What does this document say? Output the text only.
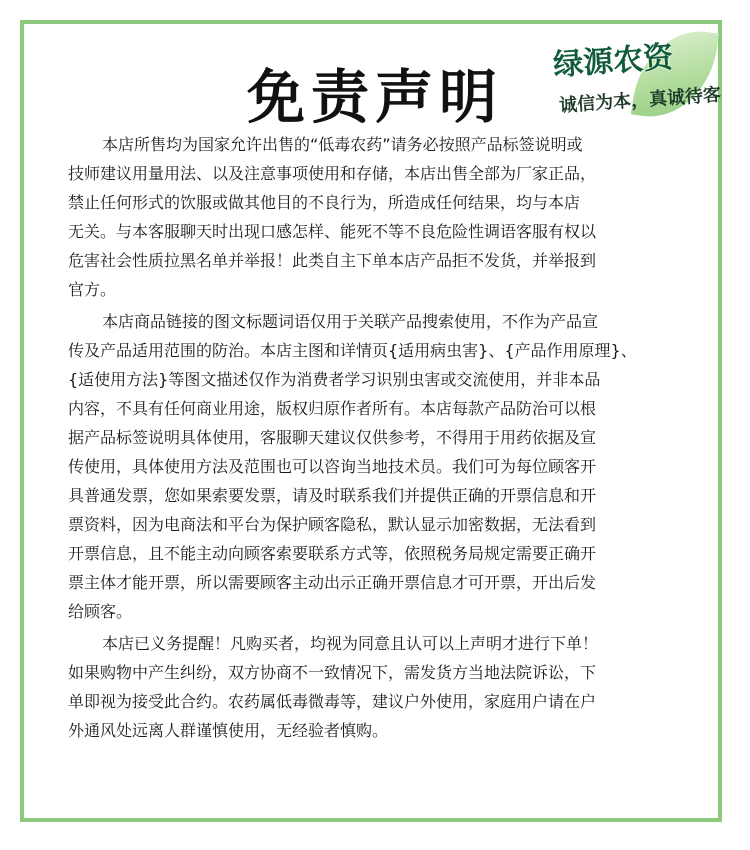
免责声明
绿源农资
诚信为本，真诚待客
本店所售均为国家允许出售的“低毒农药”请务必按照产品标签说明或
技师建议用量用法、以及注意事项使用和存储，本店出售全部为厂家正品，
禁止任何形式的饮服或做其他目的不良行为，所造成任何结果，均与本店
无关。与本客服聊天时出现口感怎样、能死不等不良危险性调语客服有权以
危害社会性质拉黑名单并举报！此类自主下单本店产品拒不发货，并举报到
官方。
本店商品链接的图文标题词语仅用于关联产品搜索使用，不作为产品宣
传及产品适用范围的防治。本店主图和详情页{适用病虫害}、{产品作用原理}、
{适使用方法}等图文描述仅作为消费者学习识别虫害或交流使用，并非本品
内容，不具有任何商业用途，版权归原作者所有。本店每款产品防治可以根
据产品标签说明具体使用，客服聊天建议仅供参考，不得用于用药依据及宣
传使用，具体使用方法及范围也可以咨询当地技术员。我们可为每位顾客开
具普通发票，您如果索要发票，请及时联系我们并提供正确的开票信息和开
票资料，因为电商法和平台为保护顾客隐私，默认显示加密数据，无法看到
开票信息，且不能主动向顾客索要联系方式等，依照税务局规定需要正确开
票主体才能开票，所以需要顾客主动出示正确开票信息才可开票，开出后发
给顾客。
本店已义务提醒！凡购买者，均视为同意且认可以上声明才进行下单！
如果购物中产生纠纷，双方协商不一致情况下，需发货方当地法院诉讼，下
单即视为接受此合约。农药属低毒微毒等，建议户外使用，家庭用户请在户
外通风处远离人群谨慎使用，无经验者慎购。
